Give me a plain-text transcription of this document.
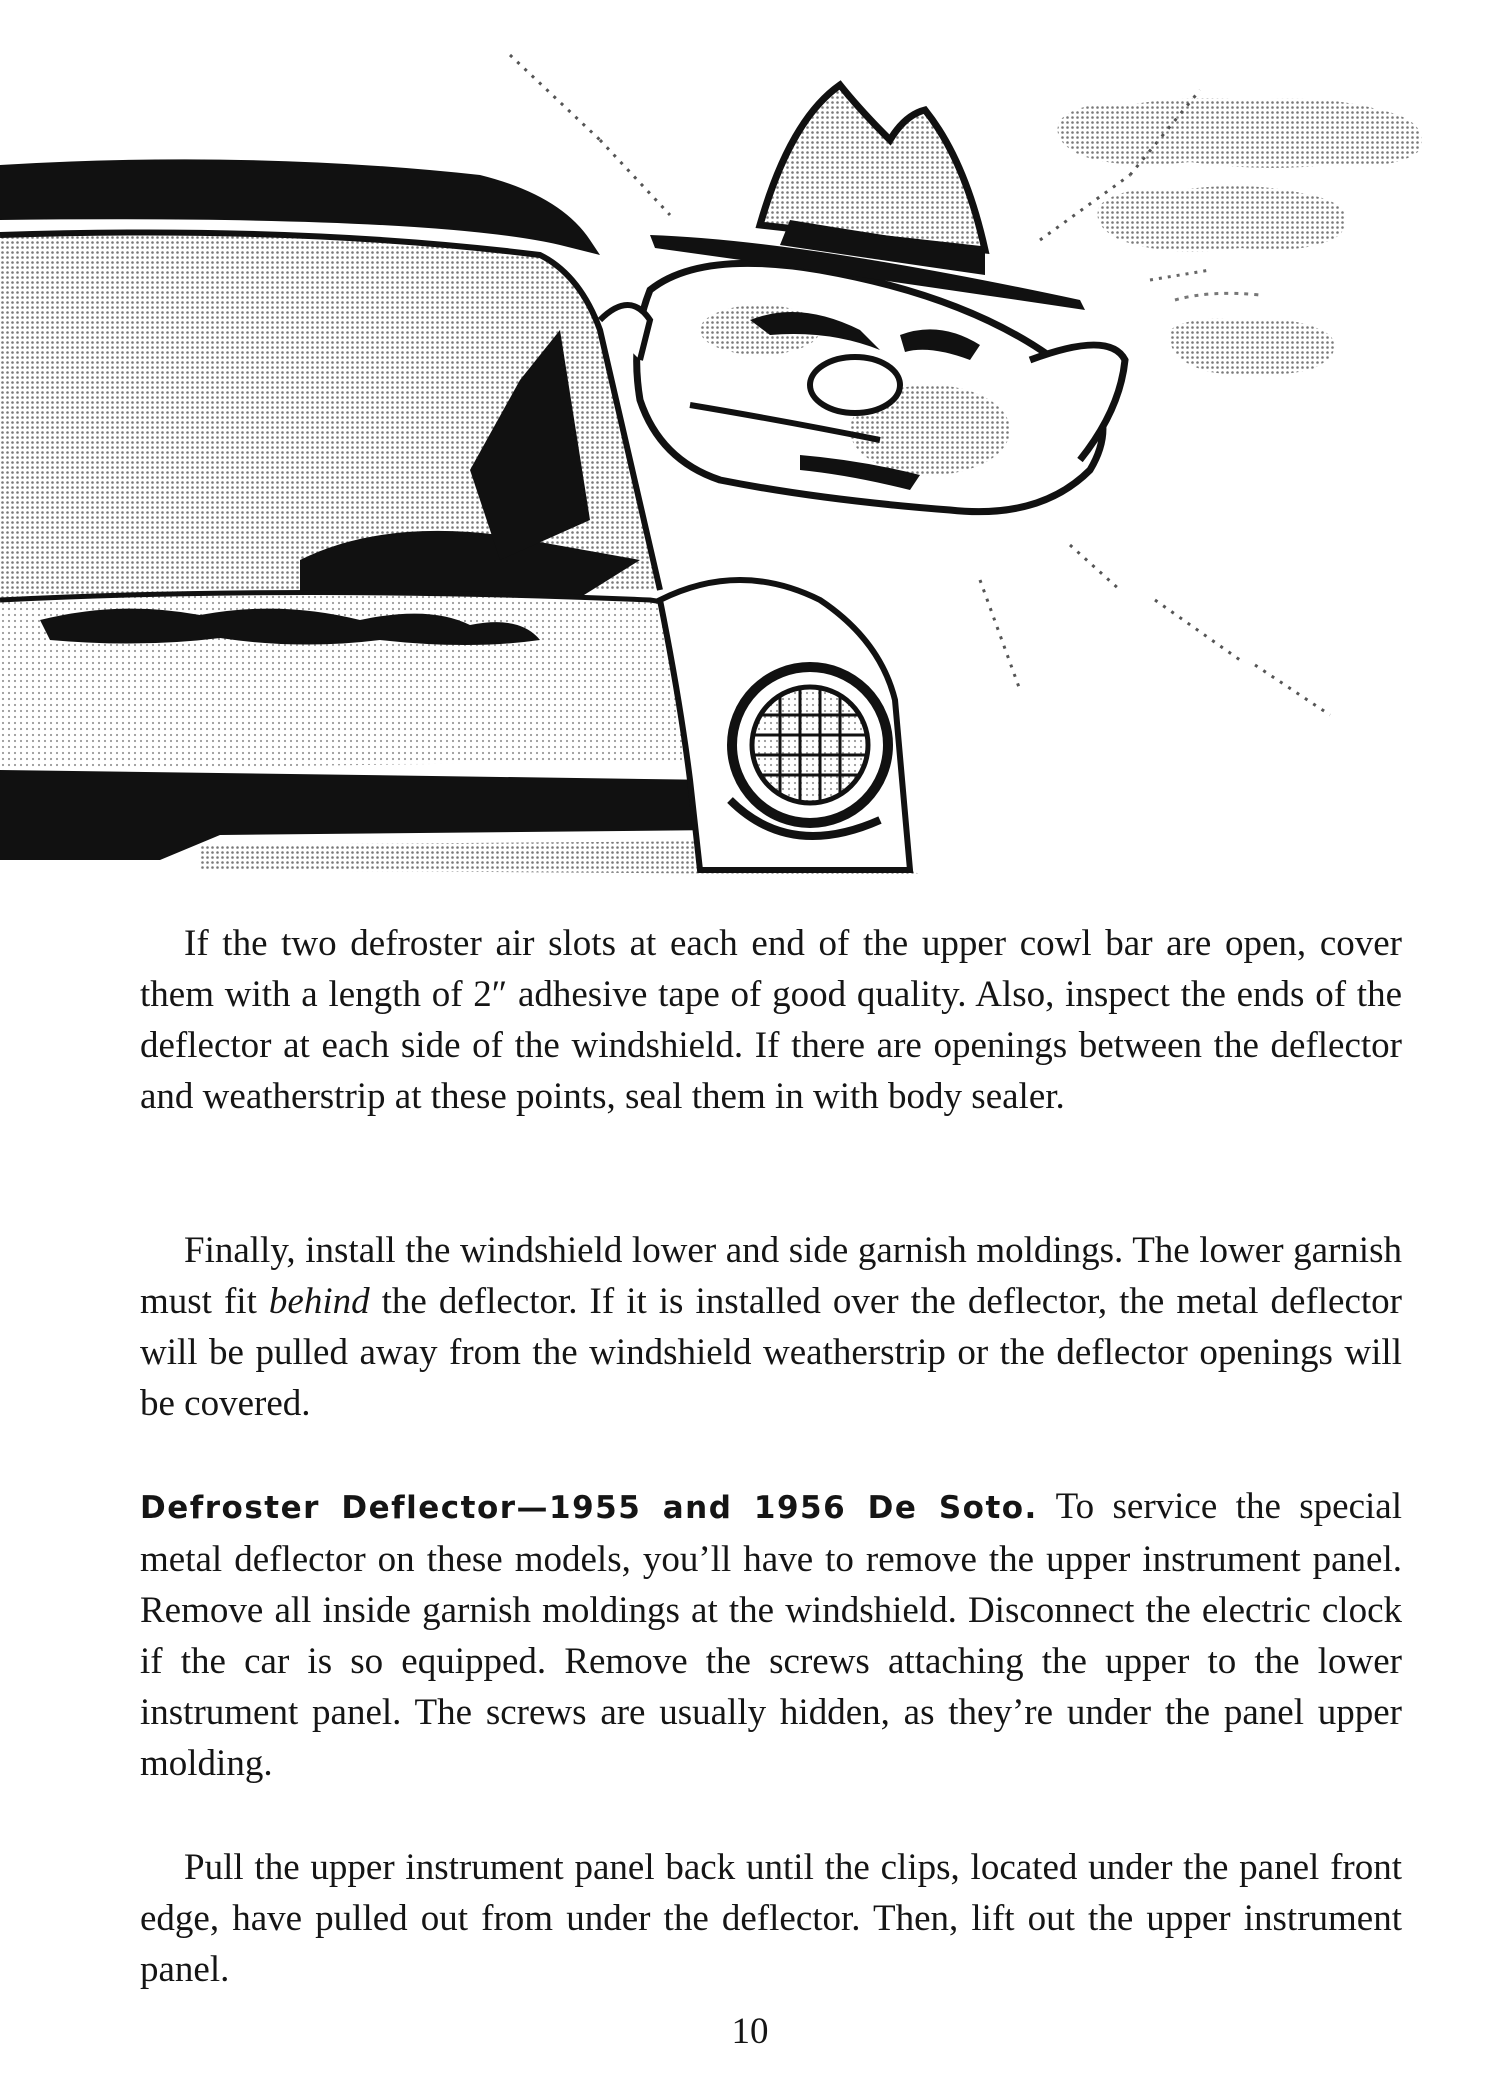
If the two defroster air slots at each end of the upper cowl bar are open, cover them with a length of 2″ adhesive tape of good quality. Also, inspect the ends of the deflector at each side of the windshield. If there are openings between the deflector and weatherstrip at these points, seal them in with body sealer.

Finally, install the windshield lower and side garnish moldings. The lower garnish must fit behind the deflector. If it is installed over the deflector, the metal deflector will be pulled away from the windshield weatherstrip or the deflector openings will be covered.

Defroster Deflector—1955 and 1956 De Soto. To service the special metal deflector on these models, you’ll have to remove the upper instrument panel. Remove all inside garnish moldings at the windshield. Disconnect the electric clock if the car is so equipped. Remove the screws attaching the upper to the lower instrument panel. The screws are usually hidden, as they’re under the panel upper molding.

Pull the upper instrument panel back until the clips, located under the panel front edge, have pulled out from under the deflector. Then, lift out the upper instrument panel.

10
